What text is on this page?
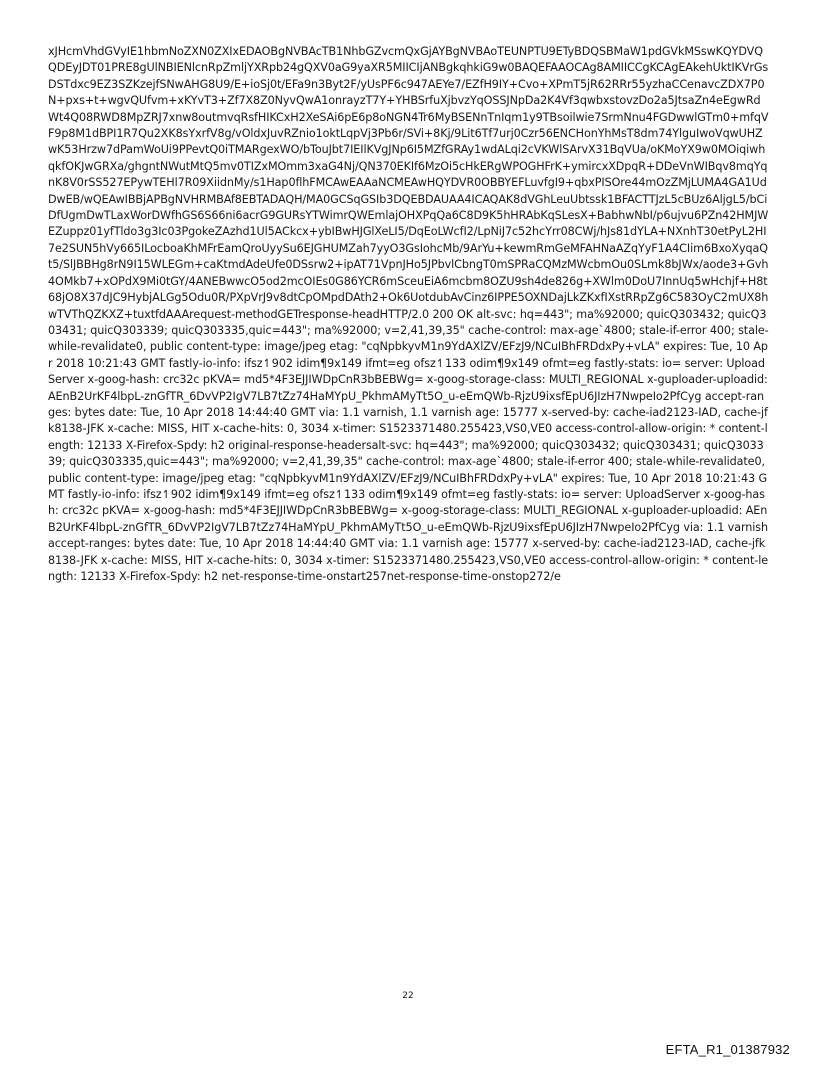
xJHcmVhdGVyIE1hbmNoZXN0ZXIxEDAOBgNVBAcTB1NhbGZvcmQxGjAYBgNVBAoTEUNPTU9ETyBDQSBMaW1pdGVkMSswKQYDVQQDEyJDT01PRE8gUlNBIENlcnRpZmljYXRpb24gQXV0aG9yaXR5MIICIjANBgkqhkiG9w0BAQEFAAOCAg8AMIICCgKCAgEAkehUktIKVrGsDSTdxc9EZ3SZKzejfSNwAHG8U9/E+ioSj0t/EFa9n3Byt2F/yUsPF6c947AEYe7/EZfH9IY+Cvo+XPmT5jR62RRr55yzhaCCenavcZDX7P0N+pxs+t+wgvQUfvm+xKYvT3+Zf7X8Z0NyvQwA1onrayzT7Y+YHBSrfuXjbvzYqOSSJNpDa2K4Vf3qwbxstovzDo2a5JtsaZn4eEgwRdWt4Q08RWD8MpZRJ7xnw8outmvqRsfHIKCxH2XeSAi6pE6p8oNGN4Tr6MyBSENnTnIqm1y9TBsoilwie7SrmNnu4FGDwwlGTm0+mfqVF9p8M1dBPI1R7Qu2XK8sYxrfV8g/vOldxJuvRZnio1oktLqpVj3Pb6r/SVi+8Kj/9Lit6Tf7urj0Czr56ENCHonYhMsT8dm74YlguIwoVqwUHZwK53Hrzw7dPamWoUi9PPevtQ0iTMARgexWO/bTouJbt7IEIlKVgJNp6I5MZfGRAy1wdALqi2cVKWlSArvX31BqVUa/oKMoYX9w0MOiqiwhqkfOKJwGRXa/ghgntNWutMtQ5mv0TIZxMOmm3xaG4Nj/QN370EKIf6MzOi5cHkERgWPOGHFrK+ymircxXDpqR+DDeVnWIBqv8mqYqnK8V0rSS527EPywTEHl7R09XiidnMy/s1Hap0flhFMCAwEAAaNCMEAwHQYDVR0OBBYEFLuvfgI9+qbxPISOre44mOzZMjLUMA4GA1UdDwEB/wQEAwIBBjAPBgNVHRMBAf8EBTADAQH/MA0GCSqGSIb3DQEBDAUAA4ICAQAK8dVGhLeuUbtssk1BFACTTJzL5cBUz6AljgL5/bCiDfUgmDwTLaxWorDWfhGS6S66ni6acrG9GURsYTWimrQWEmlajOHXPqQa6C8D9K5hHRAbKqSLesX+BabhwNbI/p6ujvu6PZn42HMJWEZuppz01yfTldo3g3Ic03PgokeZAzhd1Ul5ACkcx+ybIBwHJGlXeLI5/DqEoLWcfI2/LpNiJ7c52hcYrr08CWj/hJs81dYLA+NXnhT30etPyL2HI7e2SUN5hVy665ILocboaKhMFrEamQroUyySu6EJGHUMZah7yyO3GsIohcMb/9ArYu+kewmRmGeMFAHNaAZqYyF1A4CIim6BxoXyqaQt5/SlJBBHg8rN9I15WLEGm+caKtmdAdeUfe0DSsrw2+ipAT71VpnJHo5JPbvlCbngT0mSPRaCQMzMWcbmOu0SLmk8bJWx/aode3+Gvh4OMkb7+xOPdX9Mi0tGY/4ANEBwwcO5od2mcOIEs0G86YCR6mSceuEiA6mcbm8OZU9sh4de826g+XWlm0DoU7InnUq5wHchjf+H8t68jO8X37dJC9HybjALGg5Odu0R/PXpVrJ9v8dtCpOMpdDAth2+Ok6UotdubAvCinz6IPPE5OXNDajLkZKxfIXstRRpZg6C583OyC2mUX8hwTVThQZKXZ+tuxtfdAAArequest-methodGETresponse-headHTTP/2.0 200 OK alt-svc: hq=443"; ma%92000; quicQ303432; quicQ303431; quicQ303339; quicQ303335,quic=443"; ma%92000; v=2,41,39,35" cache-control: max-age`4800; stale-if-error 400; stale-while-revalidate0, public content-type: image/jpeg etag: "cqNpbkyvM1n9YdAXlZV/EFzJ9/NCuIBhFRDdxPy+vLA" expires: Tue, 10 Apr 2018 10:21:43 GMT fastly-io-info: ifsz↿902 idim¶9x149 ifmt=eg ofsz↿133 odim¶9x149 ofmt=eg fastly-stats: io= server: UploadServer x-goog-hash: crc32c pKVA= md5*4F3EJJIWDpCnR3bBEBWg= x-goog-storage-class: MULTI_REGIONAL x-guploader-uploadid: AEnB2UrKF4lbpL-znGfTR_6DvVP2IgV7LB7tZz74HaMYpU_PkhmAMyTt5O_u-eEmQWb-RjzU9ixsfEpU6JIzH7NwpeIo2PfCyg accept-ranges: bytes date: Tue, 10 Apr 2018 14:44:40 GMT via: 1.1 varnish, 1.1 varnish age: 15777 x-served-by: cache-iad2123-IAD, cache-jfk8138-JFK x-cache: MISS, HIT x-cache-hits: 0, 3034 x-timer: S1523371480.255423,VS0,VE0 access-control-allow-origin: * content-length: 12133 X-Firefox-Spdy: h2 original-response-headersalt-svc: hq=443"; ma%92000; quicQ303432; quicQ303431; quicQ303339; quicQ303335,quic=443"; ma%92000; v=2,41,39,35" cache-control: max-age`4800; stale-if-error 400; stale-while-revalidate0, public content-type: image/jpeg etag: "cqNpbkyvM1n9YdAXlZV/EFzJ9/NCuIBhFRDdxPy+vLA" expires: Tue, 10 Apr 2018 10:21:43 GMT fastly-io-info: ifsz↿902 idim¶9x149 ifmt=eg ofsz↿133 odim¶9x149 ofmt=eg fastly-stats: io= server: UploadServer x-goog-hash: crc32c pKVA= x-goog-hash: md5*4F3EJJIWDpCnR3bBEBWg= x-goog-storage-class: MULTI_REGIONAL x-guploader-uploadid: AEnB2UrKF4lbpL-znGfTR_6DvVP2IgV7LB7tZz74HaMYpU_PkhmAMyTt5O_u-eEmQWb-RjzU9ixsfEpU6JIzH7NwpeIo2PfCyg via: 1.1 varnish accept-ranges: bytes date: Tue, 10 Apr 2018 14:44:40 GMT via: 1.1 varnish age: 15777 x-served-by: cache-iad2123-IAD, cache-jfk8138-JFK x-cache: MISS, HIT x-cache-hits: 0, 3034 x-timer: S1523371480.255423,VS0,VE0 access-control-allow-origin: * content-length: 12133 X-Firefox-Spdy: h2 net-response-time-onstart257net-response-time-onstop272/e

22
EFTA_R1_01387932
